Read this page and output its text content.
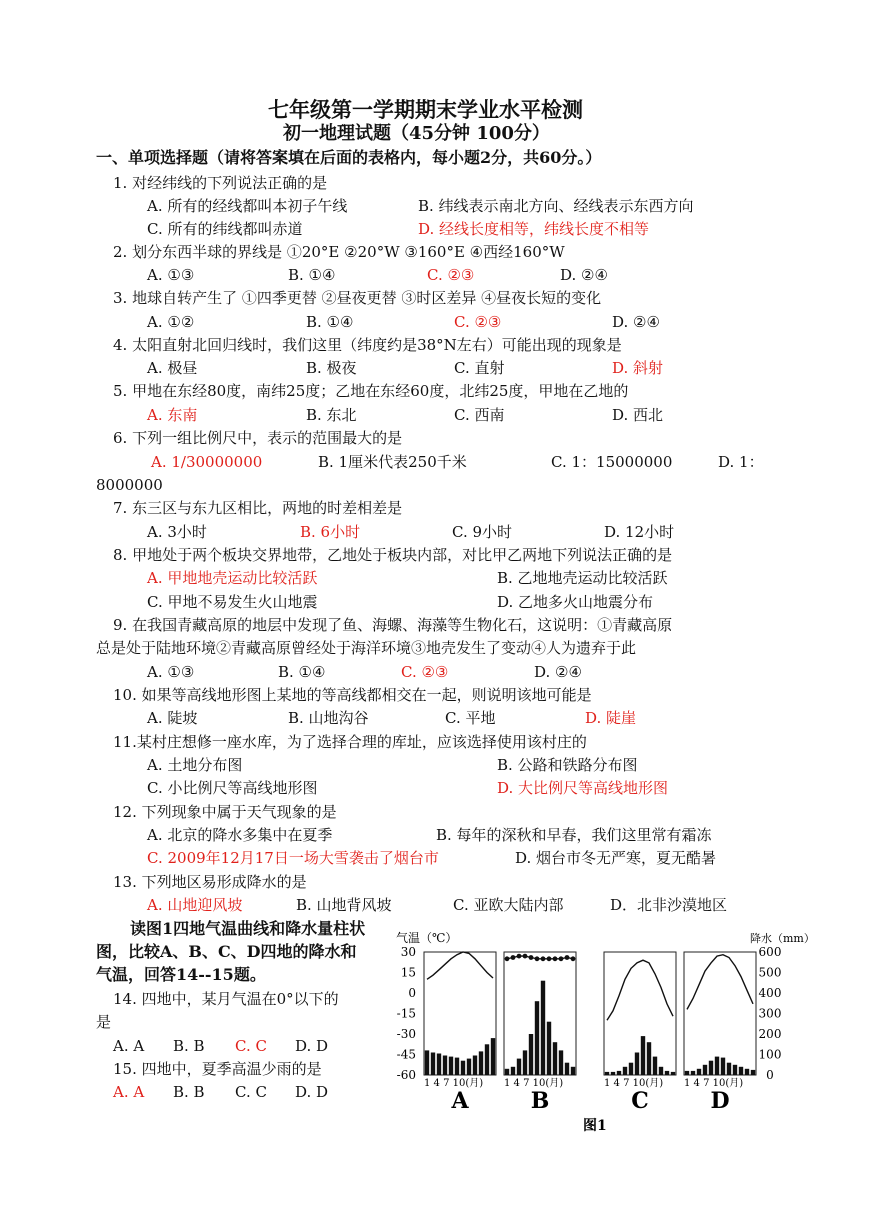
七年级第一学期期末学业水平检测
初一地理试题（45分钟 100分）
一、单项选择题（请将答案填在后面的表格内，每小题2分，共60分。）
1. 对经纬线的下列说法正确的是
A. 所有的经线都叫本初子午线	B. 纬线表示南北方向、经线表示东西方向
C. 所有的纬线都叫赤道	D. 经线长度相等，纬线长度不相等
2. 划分东西半球的界线是 ①20°E ②20°W ③160°E ④西经160°W
A. ①③	B. ①④	C. ②③	D. ②④
3. 地球自转产生了 ①四季更替 ②昼夜更替 ③时区差异 ④昼夜长短的变化
A. ①②	B. ①④	C. ②③	D. ②④
4. 太阳直射北回归线时，我们这里（纬度约是38°N左右）可能出现的现象是
A. 极昼	B. 极夜	C. 直射	D. 斜射
5. 甲地在东经80度，南纬25度；乙地在东经60度，北纬25度，甲地在乙地的
A. 东南	B. 东北	C. 西南	D. 西北
6. 下列一组比例尺中，表示的范围最大的是
A. 1/30000000	B. 1厘米代表250千米	C. 1：15000000	D. 1：
8000000
7. 东三区与东九区相比，两地的时差相差是
A. 3小时	B. 6小时	C. 9小时	D. 12小时
8. 甲地处于两个板块交界地带，乙地处于板块内部，对比甲乙两地下列说法正确的是
A. 甲地地壳运动比较活跃	B. 乙地地壳运动比较活跃
C. 甲地不易发生火山地震	D. 乙地多火山地震分布
9. 在我国青藏高原的地层中发现了鱼、海螺、海藻等生物化石，这说明：①青藏高原
总是处于陆地环境②青藏高原曾经处于海洋环境③地壳发生了变动④人为遗弃于此
A. ①③	B. ①④	C. ②③	D. ②④
10. 如果等高线地形图上某地的等高线都相交在一起，则说明该地可能是
A. 陡坡	B. 山地沟谷	C. 平地	D. 陡崖
11.某村庄想修一座水库，为了选择合理的库址，应该选择使用该村庄的
A. 土地分布图	B. 公路和铁路分布图
C. 小比例尺等高线地形图	D. 大比例尺等高线地形图
12. 下列现象中属于天气现象的是
A. 北京的降水多集中在夏季	B. 每年的深秋和早春，我们这里常有霜冻
C. 2009年12月17日一场大雪袭击了烟台市	D. 烟台市冬无严寒，夏无酷暑
13. 下列地区易形成降水的是
A. 山地迎风坡	B. 山地背风坡	C. 亚欧大陆内部	D．北非沙漠地区
读图1四地气温曲线和降水量柱状
图，比较A、B、C、D四地的降水和
气温，回答14--15题。
14. 四地中，某月气温在0°以下的
是
A. A B. B C. C D. D
15. 四地中，夏季高温少雨的是
A. A B. B C. C D. D
气温（℃）	降水（mm）
30
15
0
-15
-30
-45
-60
600
500
400
300
200
100
0
1 4 7 10(月)
A
1 4 7 10(月)
B
1 4 7 10(月)
C
1 4 7 10(月)
D
图1
